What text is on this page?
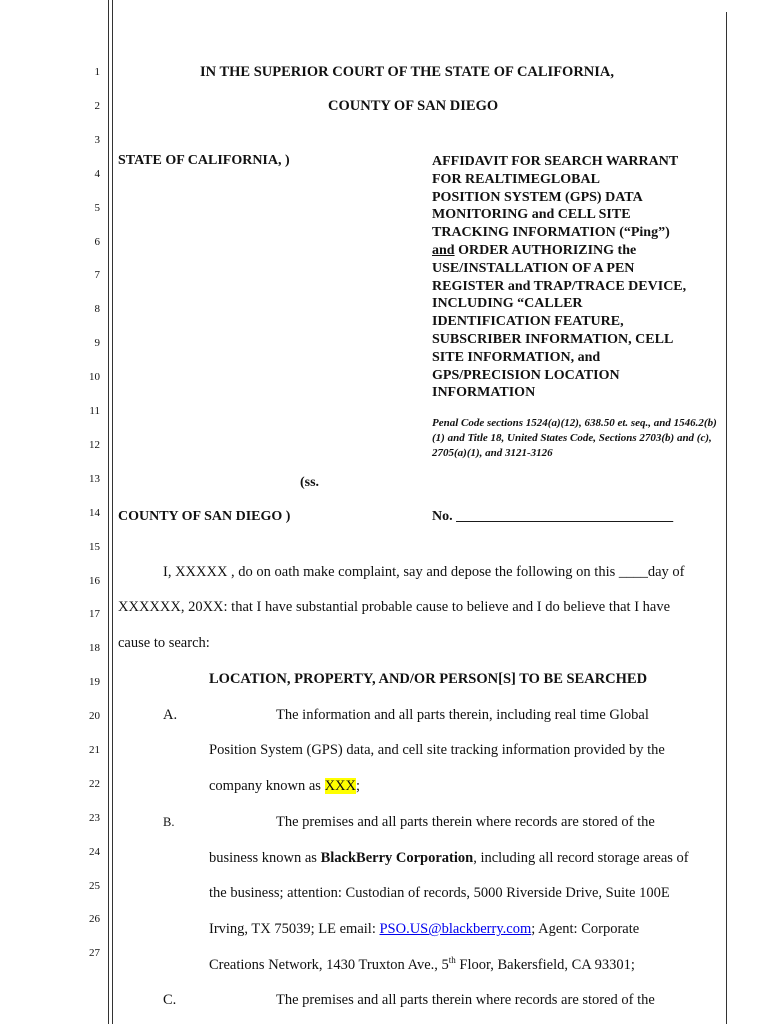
1
2
3
4
5
6
7
8
9
10
11
12
13
14
15
16
17
18
19
20
21
22
23
24
25
26
27
IN THE SUPERIOR COURT OF THE STATE OF CALIFORNIA,
COUNTY OF SAN DIEGO
STATE OF CALIFORNIA, )	AFFIDAVIT FOR SEARCH WARRANT
FOR REALTIMEGLOBAL
POSITION SYSTEM (GPS) DATA
MONITORING and CELL SITE
TRACKING INFORMATION (“Ping”)
and ORDER AUTHORIZING the
USE/INSTALLATION OF A PEN
REGISTER and TRAP/TRACE DEVICE,
INCLUDING “CALLER
IDENTIFICATION FEATURE,
SUBSCRIBER INFORMATION, CELL
SITE INFORMATION, and
GPS/PRECISION LOCATION
INFORMATION
Penal Code sections 1524(a)(12), 638.50 et. seq., and 1546.2(b)(1) and Title 18, United States Code, Sections 2703(b) and (c), 2705(a)(1), and 3121-3126
(ss.
COUNTY OF SAN DIEGO )	No. _______________________________
I, XXXXX , do on oath make complaint, say and depose the following on this ____day of
XXXXXX, 20XX: that I have substantial probable cause to believe and I do believe that I have
cause to search:
LOCATION, PROPERTY, AND/OR PERSON[S] TO BE SEARCHED
A.	The information and all parts therein, including real time Global
Position System (GPS) data, and cell site tracking information provided by the
company known as XXX;
B.	The premises and all parts therein where records are stored of the
business known as BlackBerry Corporation, including all record storage areas of
the business; attention: Custodian of records, 5000 Riverside Drive, Suite 100E
Irving, TX 75039; LE email: PSO.US@blackberry.com; Agent: Corporate
Creations Network, 1430 Truxton Ave., 5th Floor, Bakersfield, CA 93301;
C.	The premises and all parts therein where records are stored of the
